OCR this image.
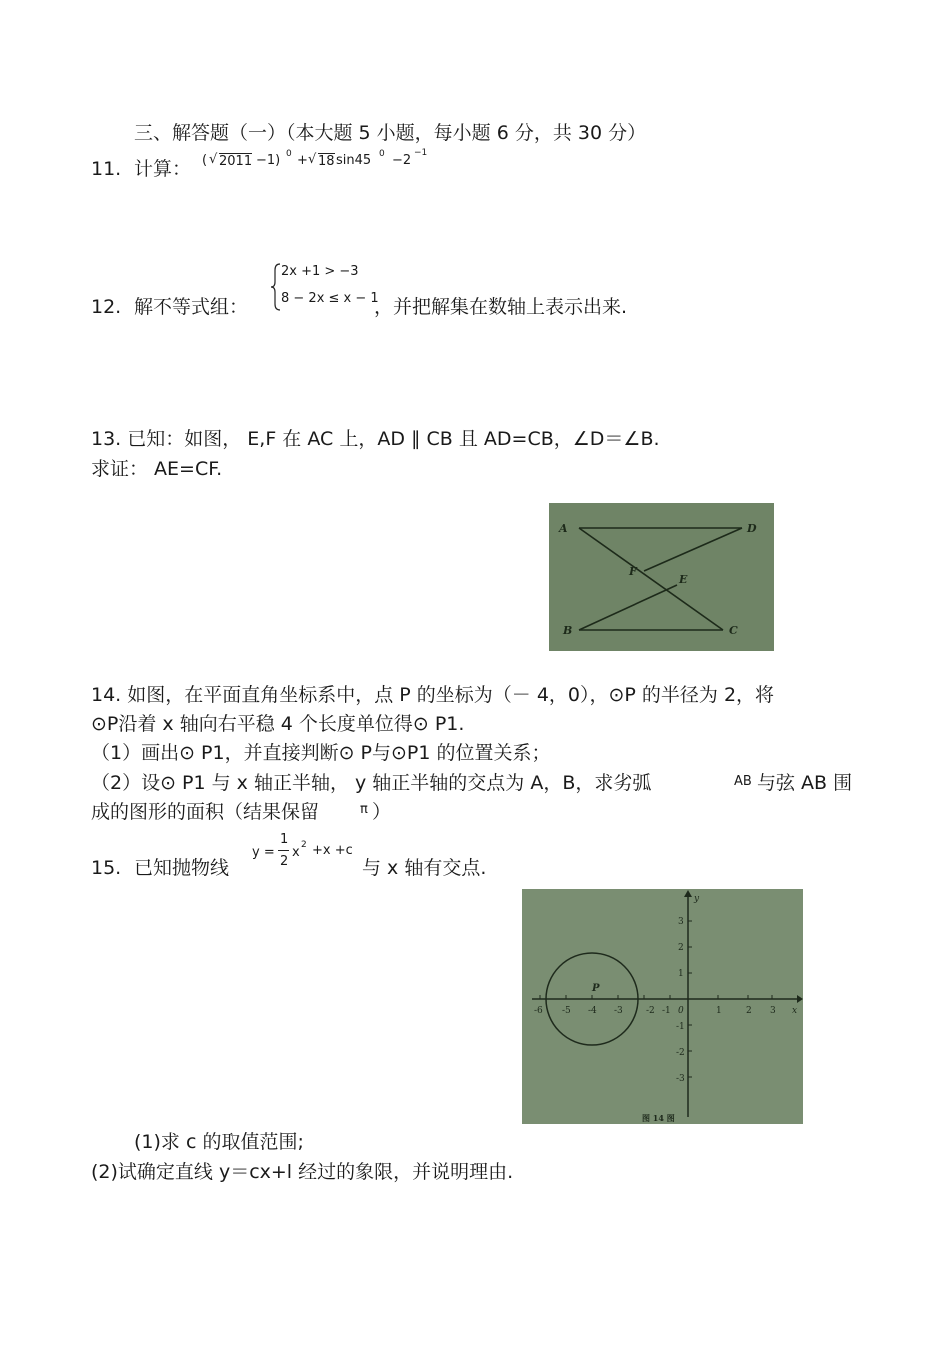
三、解答题（一）（本大题 5 小题，每小题 6 分，共 30 分）
11. 计算： ( √ 2011 −1) 0 + √ 18 sin45 0 −2 −1
12. 解不等式组：
2x +1 > −3
8 − 2x ≤ x − 1
，并把解集在数轴上表示出来.
13. 已知：如图， E,F 在 AC 上，AD ∥ CB 且 AD=CB，∠D＝∠B.
求证： AE=CF.
A	D
F
E
B	C
14. 如图，在平面直角坐标系中，点 P 的坐标为（－ 4，0），⊙P 的半径为 2，将
⊙P沿着 x 轴向右平稳 4 个长度单位得⊙ P1.
（1）画出⊙ P1，并直接判断⊙ P与⊙P1 的位置关系；
（2）设⊙ P1 与 x 轴正半轴， y 轴正半轴的交点为 A，B，求劣弧	AB 与弦 AB 围
成的图形的面积（结果保留	π ）
15. 已知抛物线
y =
1
2
x 2 +x +c
与 x 轴有交点.
-6 -5 -4 -3	-2 -1 0	1	2 3 x
3
2
1
-1
-2
-3
y
P
图 14 图
(1)求 c 的取值范围;
(2)试确定直线 y＝cx+l 经过的象限，并说明理由.
